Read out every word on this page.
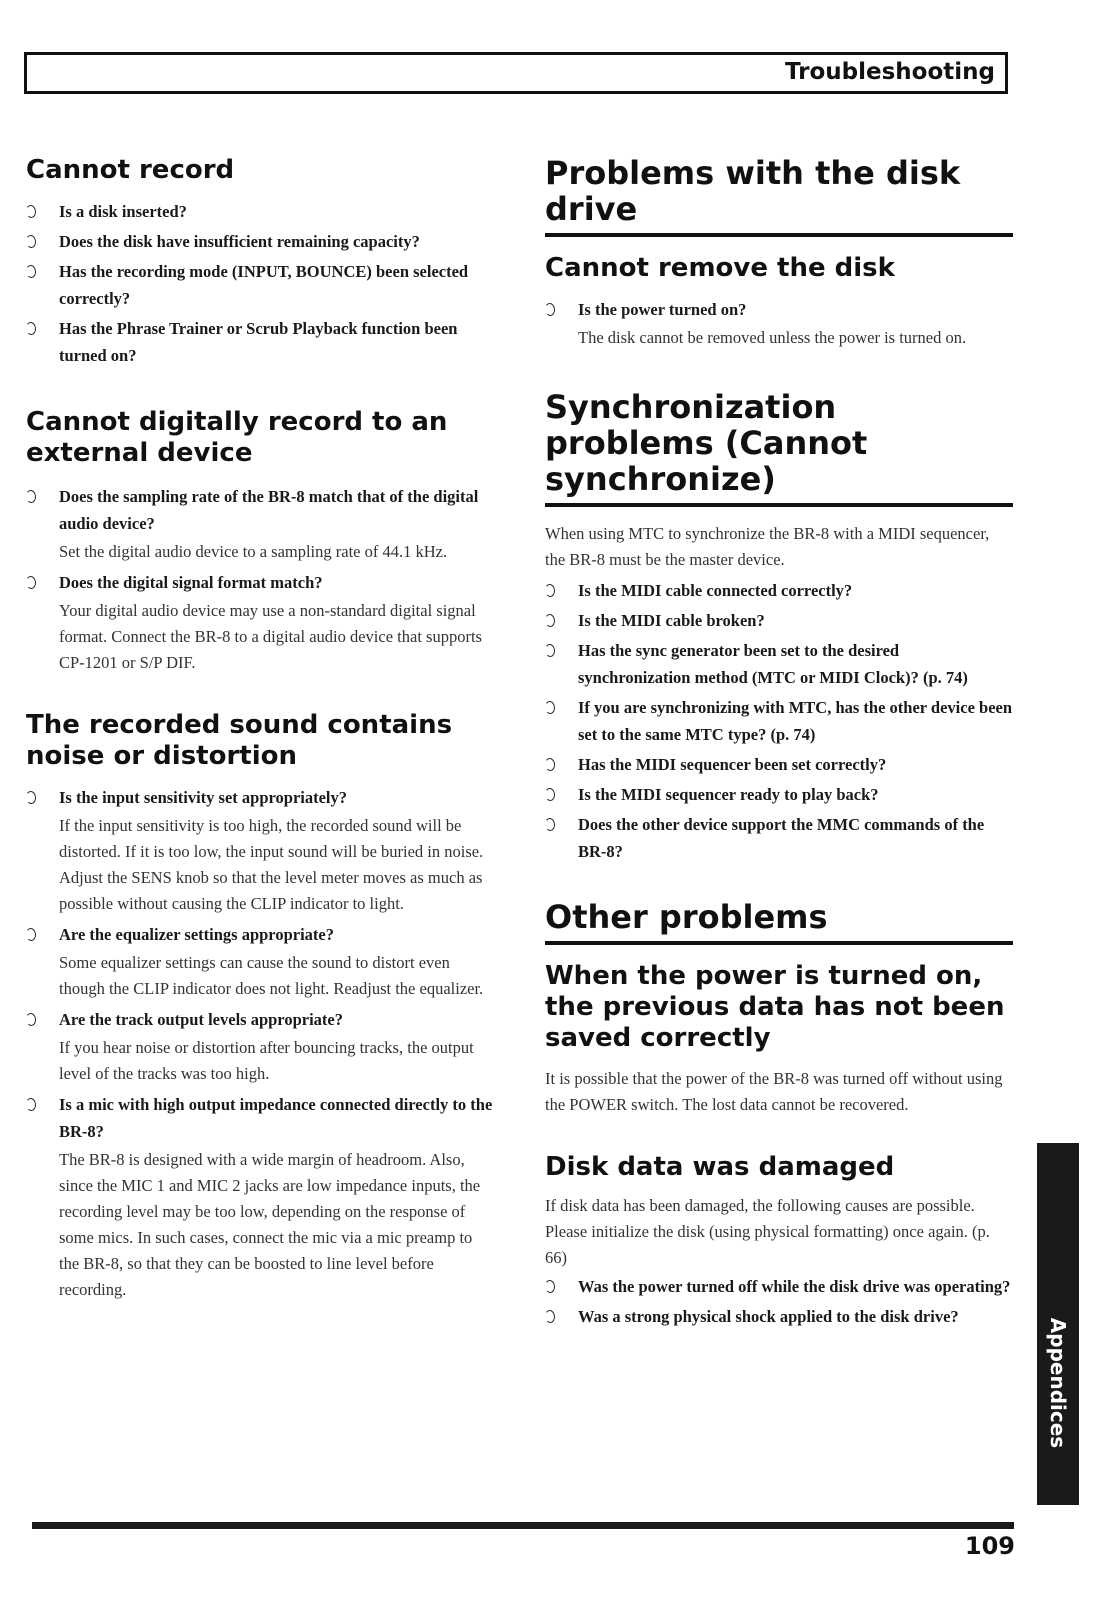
Troubleshooting
Cannot record
Is a disk inserted?
Does the disk have insufficient remaining capacity?
Has the recording mode (INPUT, BOUNCE) been selected correctly?
Has the Phrase Trainer or Scrub Playback function been turned on?
Cannot digitally record to an external device
Does the sampling rate of the BR-8 match that of the digital audio device?
Set the digital audio device to a sampling rate of 44.1 kHz.
Does the digital signal format match?
Your digital audio device may use a non-standard digital signal format. Connect the BR-8 to a digital audio device that supports CP-1201 or S/P DIF.
The recorded sound contains noise or distortion
Is the input sensitivity set appropriately?
If the input sensitivity is too high, the recorded sound will be distorted. If it is too low, the input sound will be buried in noise. Adjust the SENS knob so that the level meter moves as much as possible without causing the CLIP indicator to light.
Are the equalizer settings appropriate?
Some equalizer settings can cause the sound to distort even though the CLIP indicator does not light. Readjust the equalizer.
Are the track output levels appropriate?
If you hear noise or distortion after bouncing tracks, the output level of the tracks was too high.
Is a mic with high output impedance connected directly to the BR-8?
The BR-8 is designed with a wide margin of headroom. Also, since the MIC 1 and MIC 2 jacks are low impedance inputs, the recording level may be too low, depending on the response of some mics. In such cases, connect the mic via a mic preamp to the BR-8, so that they can be boosted to line level before recording.
Problems with the disk drive
Cannot remove the disk
Is the power turned on?
The disk cannot be removed unless the power is turned on.
Synchronization problems (Cannot synchronize)
When using MTC to synchronize the BR-8 with a MIDI sequencer, the BR-8 must be the master device.
Is the MIDI cable connected correctly?
Is the MIDI cable broken?
Has the sync generator been set to the desired synchronization method (MTC or MIDI Clock)? (p. 74)
If you are synchronizing with MTC, has the other device been set to the same MTC type? (p. 74)
Has the MIDI sequencer been set correctly?
Is the MIDI sequencer ready to play back?
Does the other device support the MMC commands of the BR-8?
Other problems
When the power is turned on, the previous data has not been saved correctly
It is possible that the power of the BR-8 was turned off without using the POWER switch. The lost data cannot be recovered.
Disk data was damaged
If disk data has been damaged, the following causes are possible. Please initialize the disk (using physical formatting) once again. (p. 66)
Was the power turned off while the disk drive was operating?
Was a strong physical shock applied to the disk drive?
Appendices
109
